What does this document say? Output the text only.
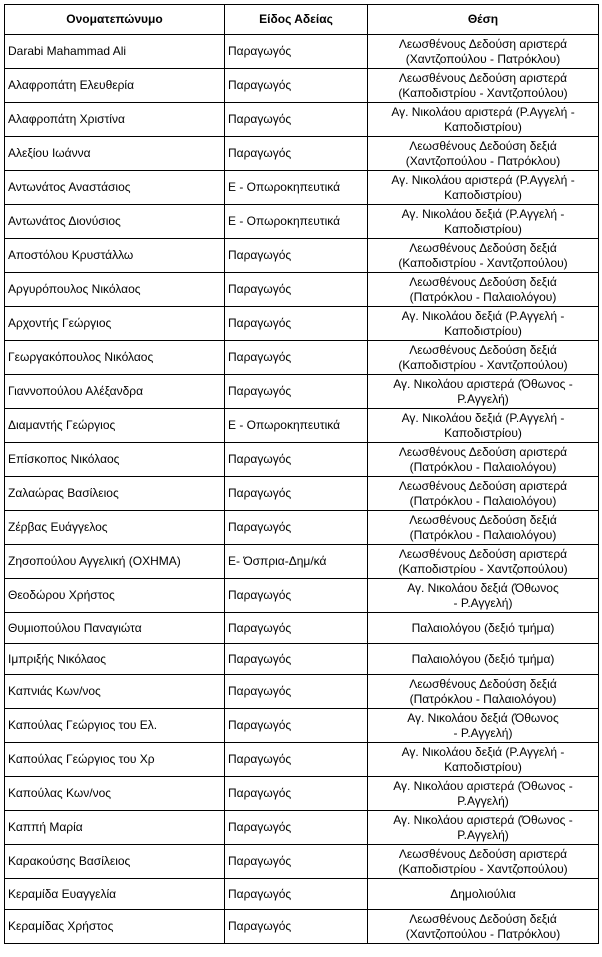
Ονοματεπώνυμο	Είδος Αδείας	Θέση
Darabi Mahammad Ali	Παραγωγός	Λεωσθένους Δεδούση αριστερά
(Χαντζοπούλου - Πατρόκλου)

Αλαφροπάτη Ελευθερία	Παραγωγός	Λεωσθένους Δεδούση αριστερά
(Καποδιστρίου - Χαντζοπούλου)

Αλαφροπάτη Χριστίνα	Παραγωγός	Αγ. Νικολάου αριστερά (Ρ.Αγγελή -
Καποδιστρίου)

Αλεξίου Ιωάννα	Παραγωγός	Λεωσθένους Δεδούση δεξιά
(Χαντζοπούλου - Πατρόκλου)

Αντωνάτος Αναστάσιος	Ε - Οπωροκηπευτικά	Αγ. Νικολάου αριστερά (Ρ.Αγγελή -
Καποδιστρίου)

Αντωνάτος Διονύσιος	Ε - Οπωροκηπευτικά	Αγ. Νικολάου δεξιά (Ρ.Αγγελή -
Καποδιστρίου)

Αποστόλου Κρυστάλλω	Παραγωγός	Λεωσθένους Δεδούση δεξιά
(Καποδιστρίου - Χαντζοπούλου)

Αργυρόπουλος Νικόλαος	Παραγωγός	Λεωσθένους Δεδούση δεξιά
(Πατρόκλου - Παλαιολόγου)

Αρχοντής Γεώργιος	Παραγωγός	Αγ. Νικολάου δεξιά (Ρ.Αγγελή -
Καποδιστρίου)

Γεωργακόπουλος Νικόλαος	Παραγωγός	Λεωσθένους Δεδούση δεξιά
(Καποδιστρίου - Χαντζοπούλου)

Γιαννοπούλου Αλέξανδρα	Παραγωγός	Αγ. Νικολάου αριστερά (Όθωνος -
Ρ.Αγγελή)

Διαμαντής Γεώργιος	Ε - Οπωροκηπευτικά	Αγ. Νικολάου δεξιά (Ρ.Αγγελή -
Καποδιστρίου)

Επίσκοπος Νικόλαος	Παραγωγός	Λεωσθένους Δεδούση αριστερά
(Πατρόκλου - Παλαιολόγου)

Ζαλαώρας Βασίλειος	Παραγωγός	Λεωσθένους Δεδούση αριστερά
(Πατρόκλου - Παλαιολόγου)

Ζέρβας Ευάγγελος	Παραγωγός	Λεωσθένους Δεδούση δεξιά
(Πατρόκλου - Παλαιολόγου)

Ζησοπούλου Αγγελική (ΟΧΗΜΑ)	Ε- Όσπρια-Δημ/κά	Λεωσθένους Δεδούση αριστερά
(Καποδιστρίου - Χαντζοπούλου)

Θεοδώρου Χρήστος	Παραγωγός	Αγ. Νικολάου δεξιά (Όθωνος
- Ρ.Αγγελή)

Θυμιοπούλου Παναγιώτα	Παραγωγός	Παλαιολόγου (δεξιό τμήμα)

Ιμπριξής Νικόλαος	Παραγωγός	Παλαιολόγου (δεξιό τμήμα)

Καπνιάς Κων/νος	Παραγωγός	Λεωσθένους Δεδούση δεξιά
(Πατρόκλου - Παλαιολόγου)

Καπούλας Γεώργιος του Ελ.	Παραγωγός	Αγ. Νικολάου δεξιά (Όθωνος
- Ρ.Αγγελή)

Καπούλας Γεώργιος του Χρ	Παραγωγός	Αγ. Νικολάου δεξιά (Ρ.Αγγελή -
Καποδιστρίου)

Καπούλας Κων/νος	Παραγωγός	Αγ. Νικολάου αριστερά (Όθωνος -
Ρ.Αγγελή)

Καππή Μαρία	Παραγωγός	Αγ. Νικολάου αριστερά (Όθωνος -
Ρ.Αγγελή)

Καρακούσης Βασίλειος	Παραγωγός	Λεωσθένους Δεδούση αριστερά
(Καποδιστρίου - Χαντζοπούλου)

Κεραμίδα Ευαγγελία	Παραγωγός	Δημολιούλια

Κεραμίδας Χρήστος	Παραγωγός	Λεωσθένους Δεδούση δεξιά
(Χαντζοπούλου - Πατρόκλου)
